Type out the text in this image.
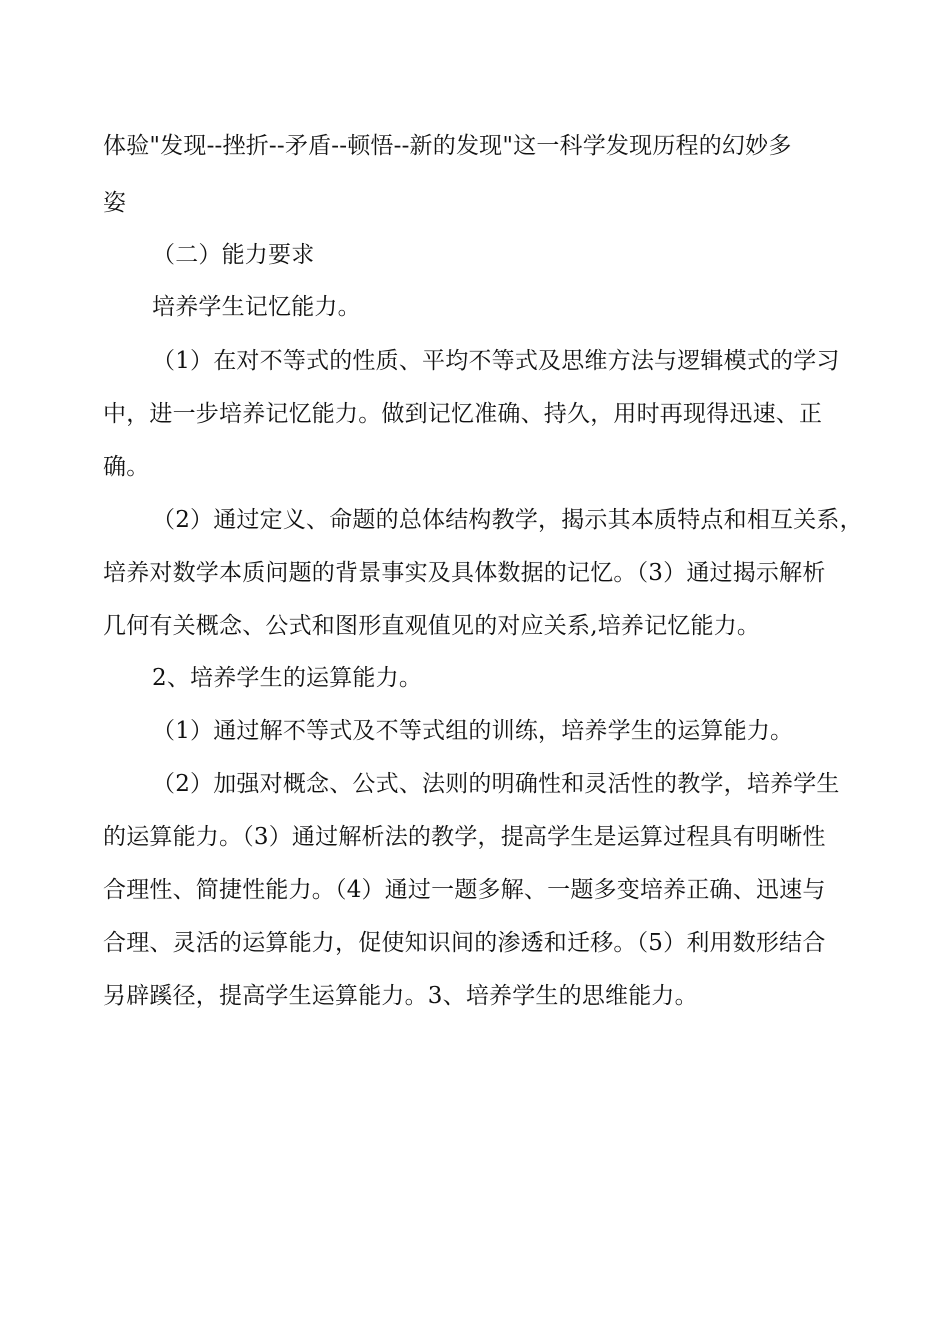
体验"发现--挫折--矛盾--顿悟--新的发现"这一科学发现历程的幻妙多
姿
（二）能力要求
培养学生记忆能力。
（1）在对不等式的性质、平均不等式及思维方法与逻辑模式的学习
中，进一步培养记忆能力。做到记忆准确、持久，用时再现得迅速、正
确。
（2）通过定义、命题的总体结构教学，揭示其本质特点和相互关系，
培养对数学本质问题的背景事实及具体数据的记忆。（3）通过揭示解析
几何有关概念、公式和图形直观值见的对应关系,培养记忆能力。
2、培养学生的运算能力。
（1）通过解不等式及不等式组的训练，培养学生的运算能力。
（2）加强对概念、公式、法则的明确性和灵活性的教学，培养学生
的运算能力。（3）通过解析法的教学，提高学生是运算过程具有明晰性
合理性、简捷性能力。（4）通过一题多解、一题多变培养正确、迅速与
合理、灵活的运算能力，促使知识间的渗透和迁移。（5）利用数形结合
另辟蹊径，提高学生运算能力。3、培养学生的思维能力。
